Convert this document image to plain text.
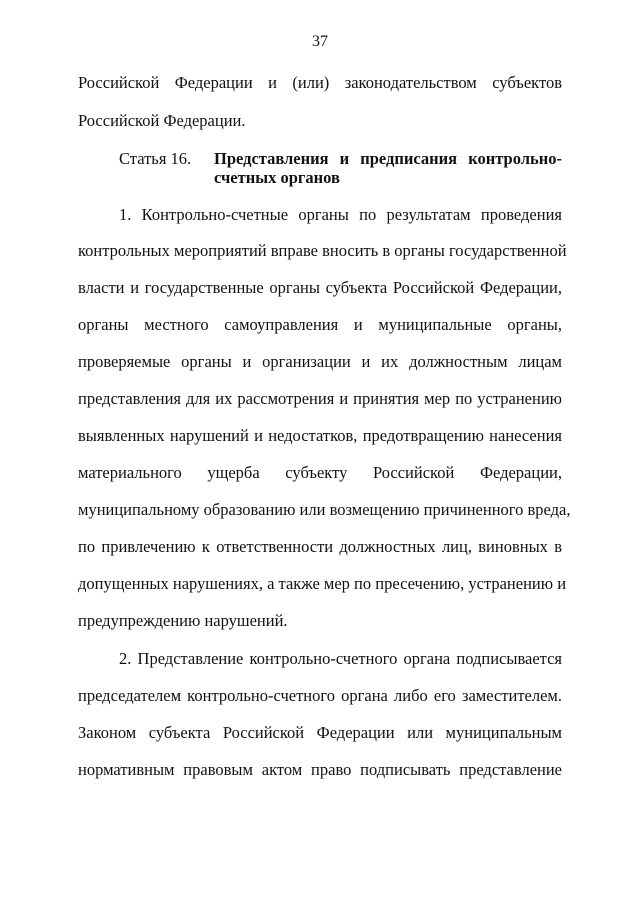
37
Российской Федерации и (или) законодательством субъектов
Российской Федерации.
Статья 16. Представления и предписания контрольно-
счетных органов
1. Контрольно-счетные органы по результатам проведения
контрольных мероприятий вправе вносить в органы государственной
власти и государственные органы субъекта Российской Федерации,
органы местного самоуправления и муниципальные органы,
проверяемые органы и организации и их должностным лицам
представления для их рассмотрения и принятия мер по устранению
выявленных нарушений и недостатков, предотвращению нанесения
материального ущерба субъекту Российской Федерации,
муниципальному образованию или возмещению причиненного вреда,
по привлечению к ответственности должностных лиц, виновных в
допущенных нарушениях, а также мер по пресечению, устранению и
предупреждению нарушений.
2. Представление контрольно-счетного органа подписывается
председателем контрольно-счетного органа либо его заместителем.
Законом субъекта Российской Федерации или муниципальным
нормативным правовым актом право подписывать представление
